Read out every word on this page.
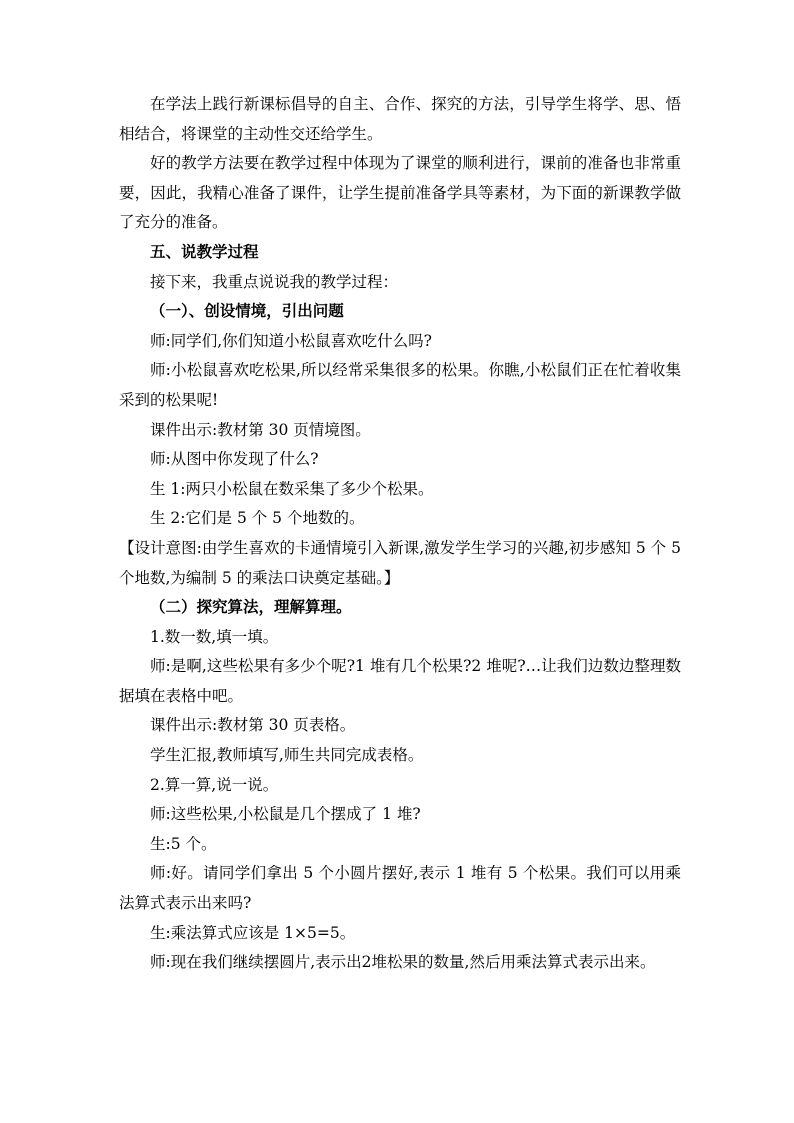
在学法上践行新课标倡导的自主、合作、探究的方法，引导学生将学、思、悟相结合，将课堂的主动性交还给学生。

好的教学方法要在教学过程中体现为了课堂的顺利进行，课前的准备也非常重要，因此，我精心准备了课件，让学生提前准备学具等素材，为下面的新课教学做了充分的准备。

五、说教学过程

接下来，我重点说说我的教学过程：

（一）、创设情境，引出问题

师:同学们,你们知道小松鼠喜欢吃什么吗?

师:小松鼠喜欢吃松果,所以经常采集很多的松果。你瞧,小松鼠们正在忙着收集采到的松果呢!

课件出示:教材第 30 页情境图。

师:从图中你发现了什么?

生 1:两只小松鼠在数采集了多少个松果。

生 2:它们是 5 个 5 个地数的。

【设计意图:由学生喜欢的卡通情境引入新课,激发学生学习的兴趣,初步感知 5 个 5 个地数,为编制 5 的乘法口诀奠定基础。】

（二）探究算法，理解算理。

1.数一数,填一填。

师:是啊,这些松果有多少个呢?1 堆有几个松果?2 堆呢?…让我们边数边整理数据填在表格中吧。

课件出示:教材第 30 页表格。

学生汇报,教师填写,师生共同完成表格。

2.算一算,说一说。

师:这些松果,小松鼠是几个摆成了 1 堆?

生:5 个。

师:好。请同学们拿出 5 个小圆片摆好,表示 1 堆有 5 个松果。我们可以用乘法算式表示出来吗?

生:乘法算式应该是 1×5=5。

师:现在我们继续摆圆片,表示出2堆松果的数量,然后用乘法算式表示出来。
